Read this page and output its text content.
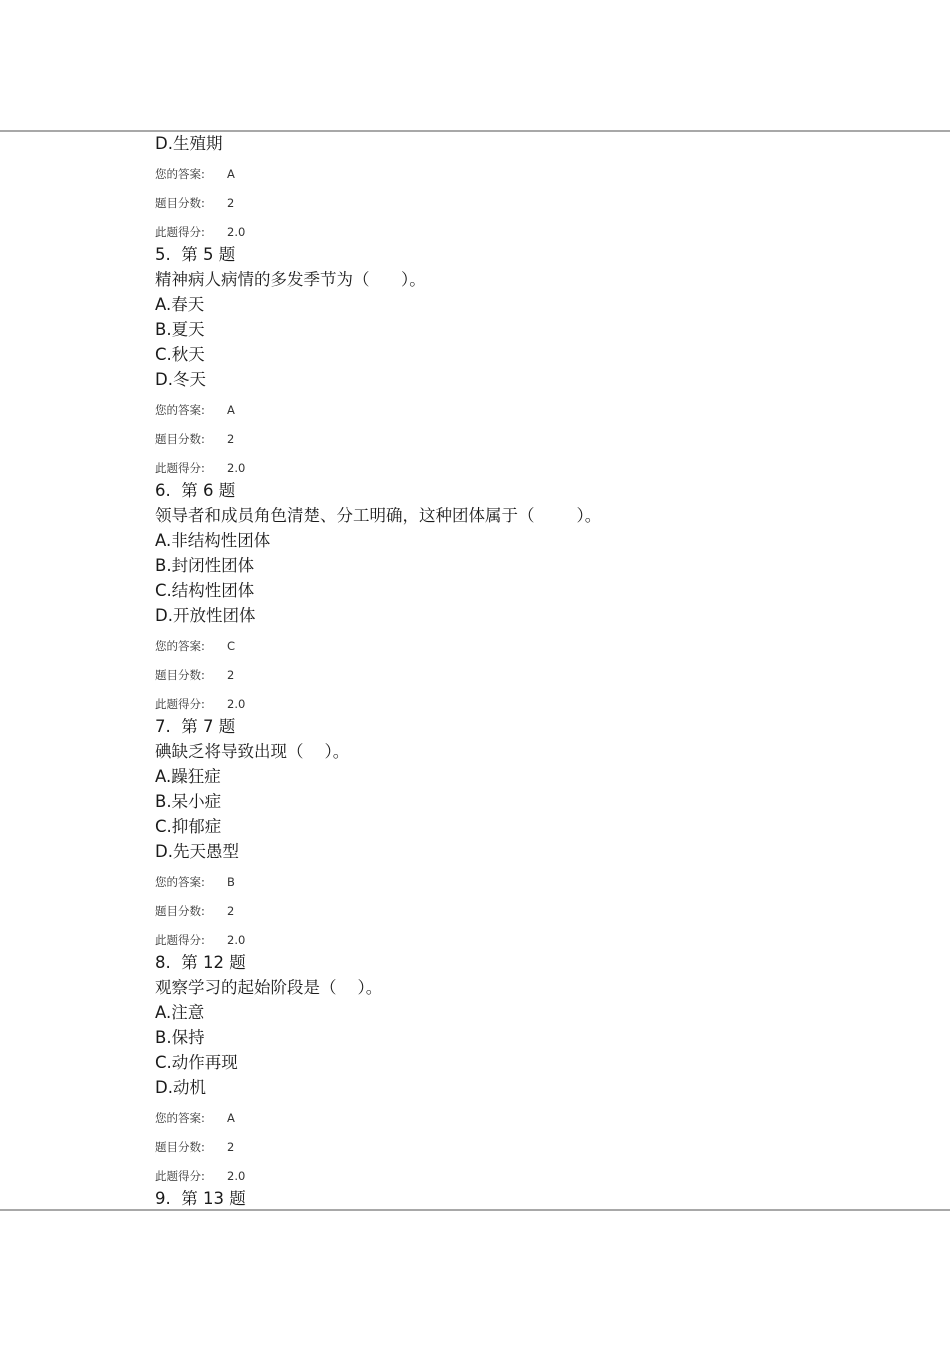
D.生殖期
您的答案: A
题目分数: 2
此题得分: 2.0
5.  第 5 题
精神病人病情的多发季节为（      ）。
A.春天
B.夏天
C.秋天
D.冬天
您的答案: A
题目分数: 2
此题得分: 2.0
6.  第 6 题
领导者和成员角色清楚、分工明确，这种团体属于（        ）。
A.非结构性团体
B.封闭性团体
C.结构性团体
D.开放性团体
您的答案: C
题目分数: 2
此题得分: 2.0
7.  第 7 题
碘缺乏将导致出现（    ）。
A.躁狂症
B.呆小症
C.抑郁症
D.先天愚型
您的答案: B
题目分数: 2
此题得分: 2.0
8.  第 12 题
观察学习的起始阶段是（    ）。
A.注意
B.保持
C.动作再现
D.动机
您的答案: A
题目分数: 2
此题得分: 2.0
9.  第 13 题
